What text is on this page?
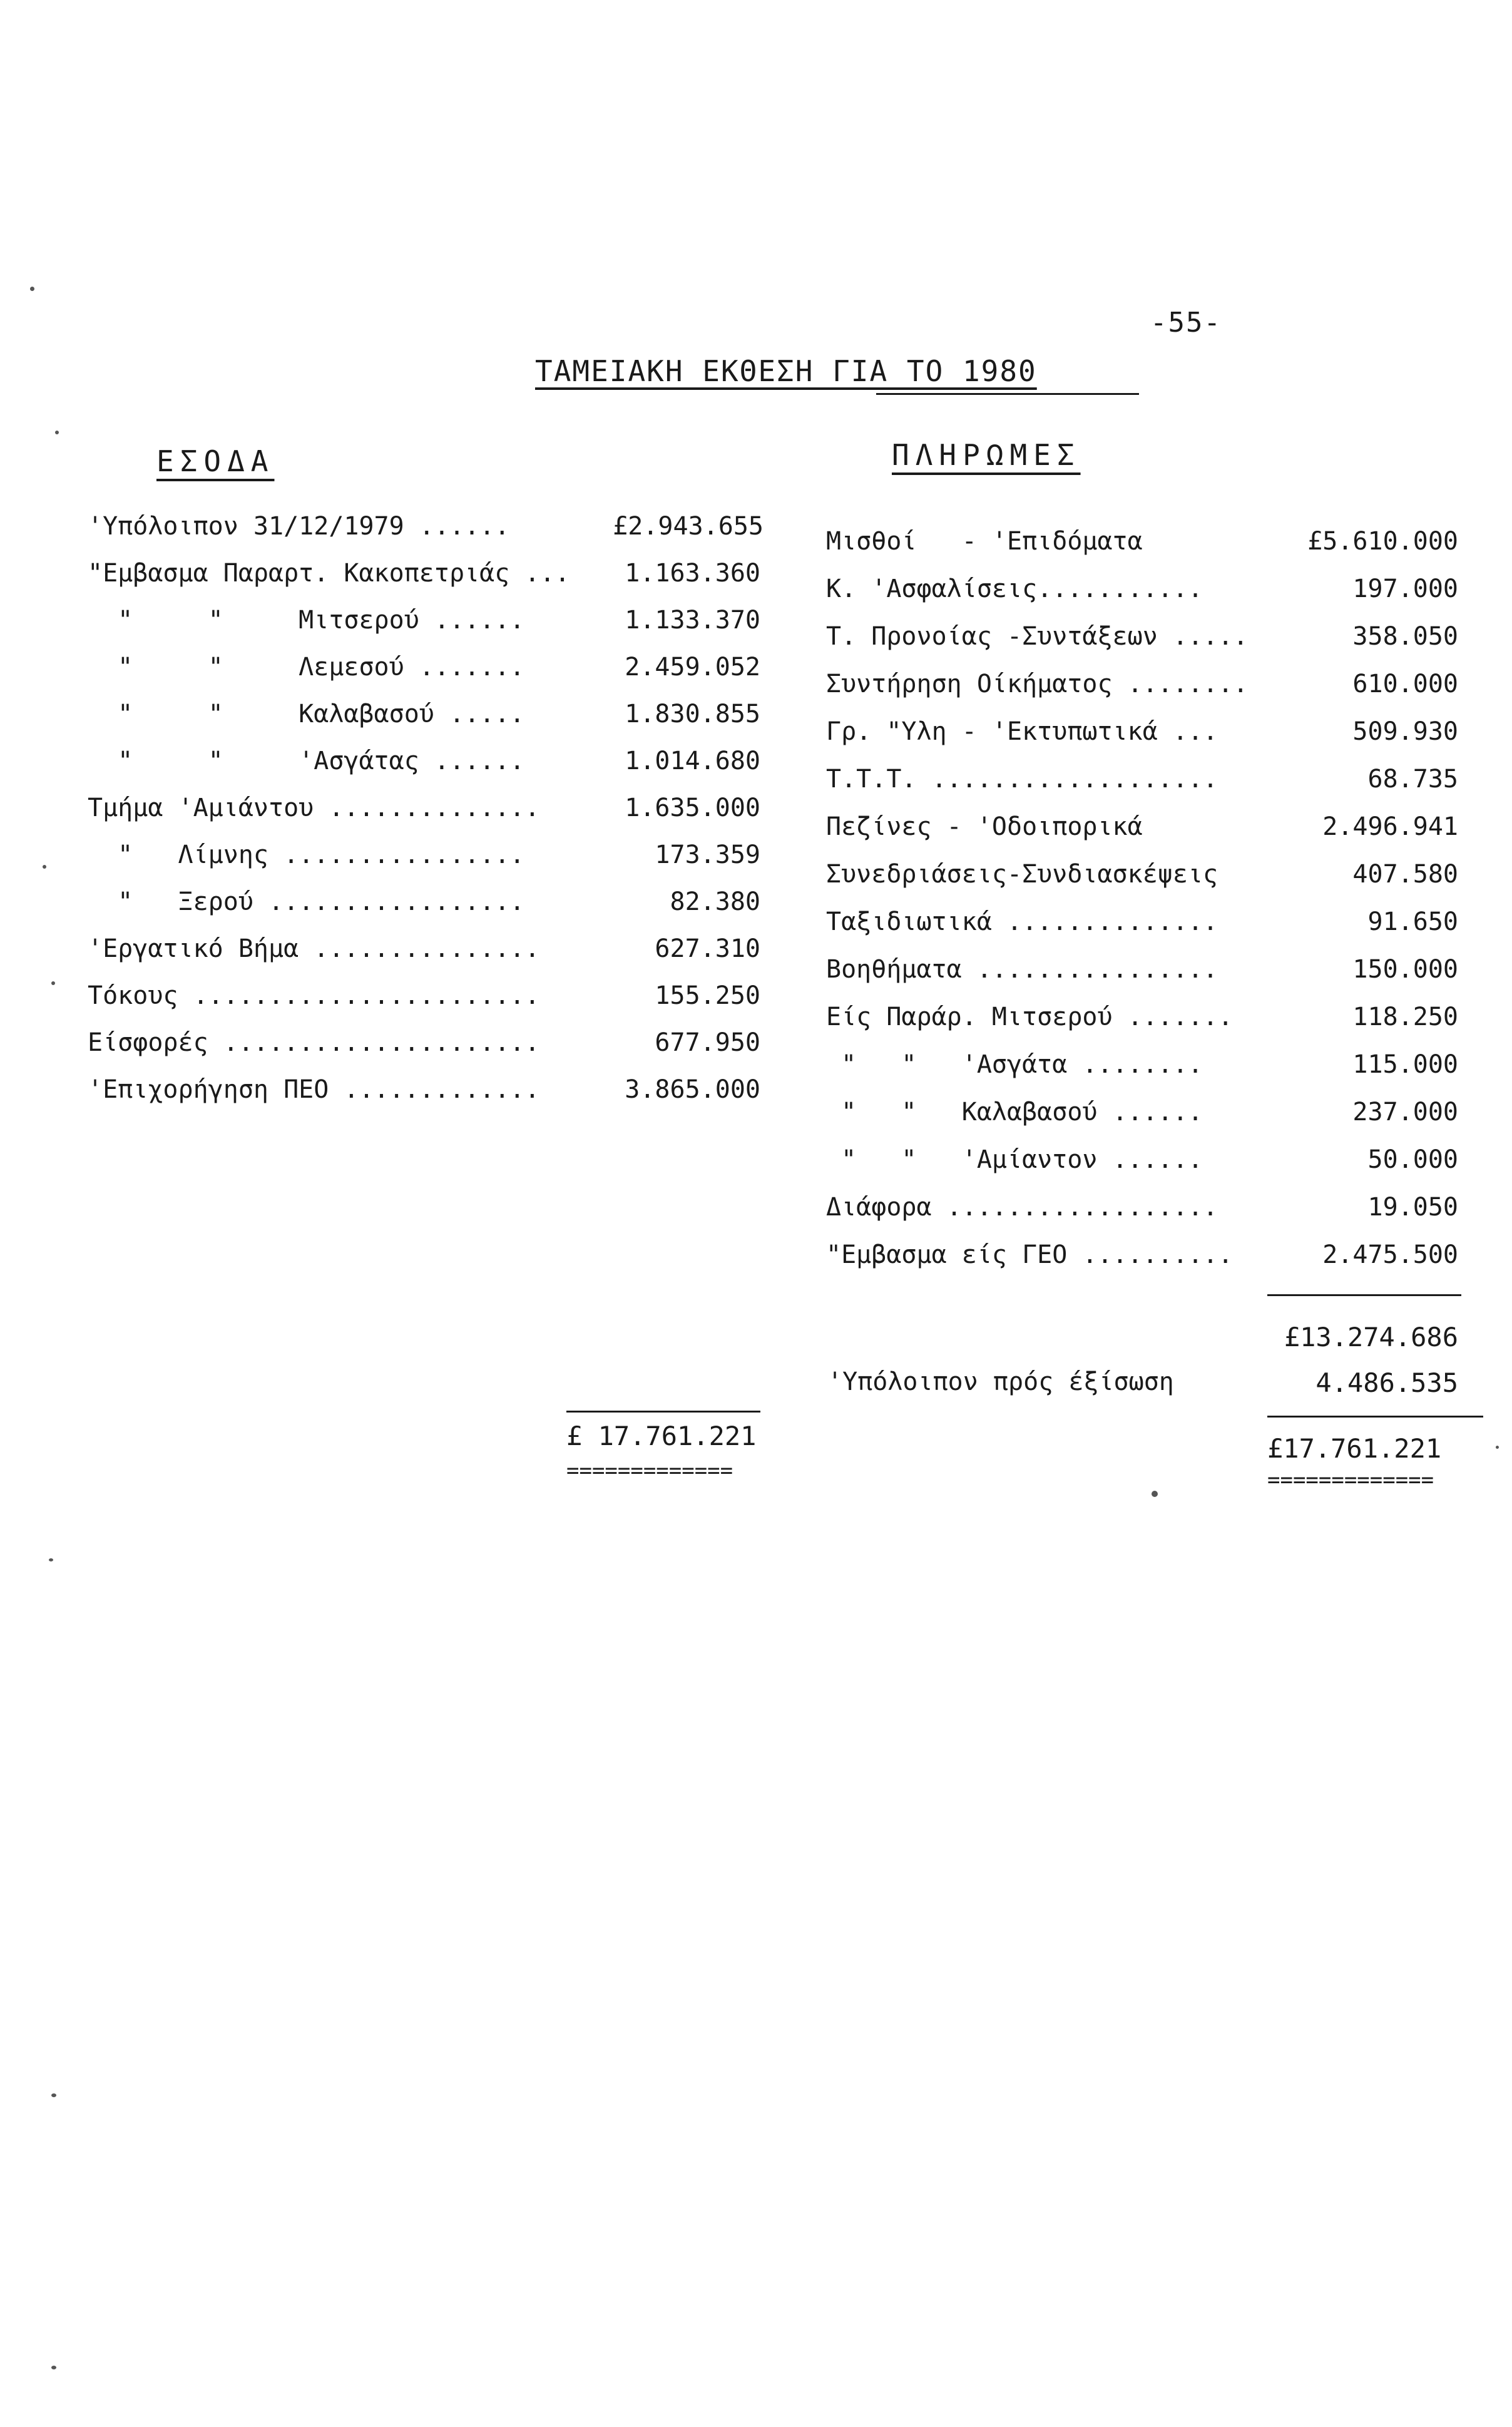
-55-
ΤΑΜΕΙΑΚΗ ΕΚΘΕΣΗ ΓΙΑ ΤΟ 1980
ΕΣΟΔΑ	ΠΛΗΡΩΜΕΣ
'Υπόλοιπον 31/12/1979 ......	£2.943.655
"Εμβασμα Παραρτ. Κακοπετριάς ...	1.163.360
"     "     Μιτσερού ......	1.133.370
"     "     Λεμεσού .......	2.459.052
"     "     Καλαβασού .....	1.830.855
"     "     'Ασγάτας ......	1.014.680
Τμήμα 'Αμιάντου ..............	1.635.000
"   Λίμνης ................	173.359
"   Ξερού .................	82.380
'Εργατικό Βήμα ...............	627.310
Τόκους .......................	155.250
Είσφορές .....................	677.950
'Επιχορήγηση ΠΕΟ .............	3.865.000
£ 17.761.221
=============
Μισθοί   - 'Επιδόματα	£5.610.000
Κ. 'Ασφαλίσεις...........	197.000
Τ. Προνοίας -Συντάξεων .....	358.050
Συντήρηση Οίκήματος ........	610.000
Γρ. "Υλη - 'Εκτυπωτικά ...	509.930
Τ.Τ.Τ. ...................	68.735
Πεζίνες - 'Οδοιπορικά	2.496.941
Συνεδριάσεις-Συνδιασκέψεις	407.580
Ταξιδιωτικά ..............	91.650
Βοηθήματα ................	150.000
Είς Παράρ. Μιτσερού .......	118.250
"   "   'Ασγάτα ........	115.000
"   "   Καλαβασού ......	237.000
"   "   'Αμίαντον ......	50.000
Διάφορα ..................	19.050
"Εμβασμα είς ΓΕΟ ..........	2.475.500
£13.274.686
'Υπόλοιπον πρός έξίσωση	4.486.535
£17.761.221
=============
